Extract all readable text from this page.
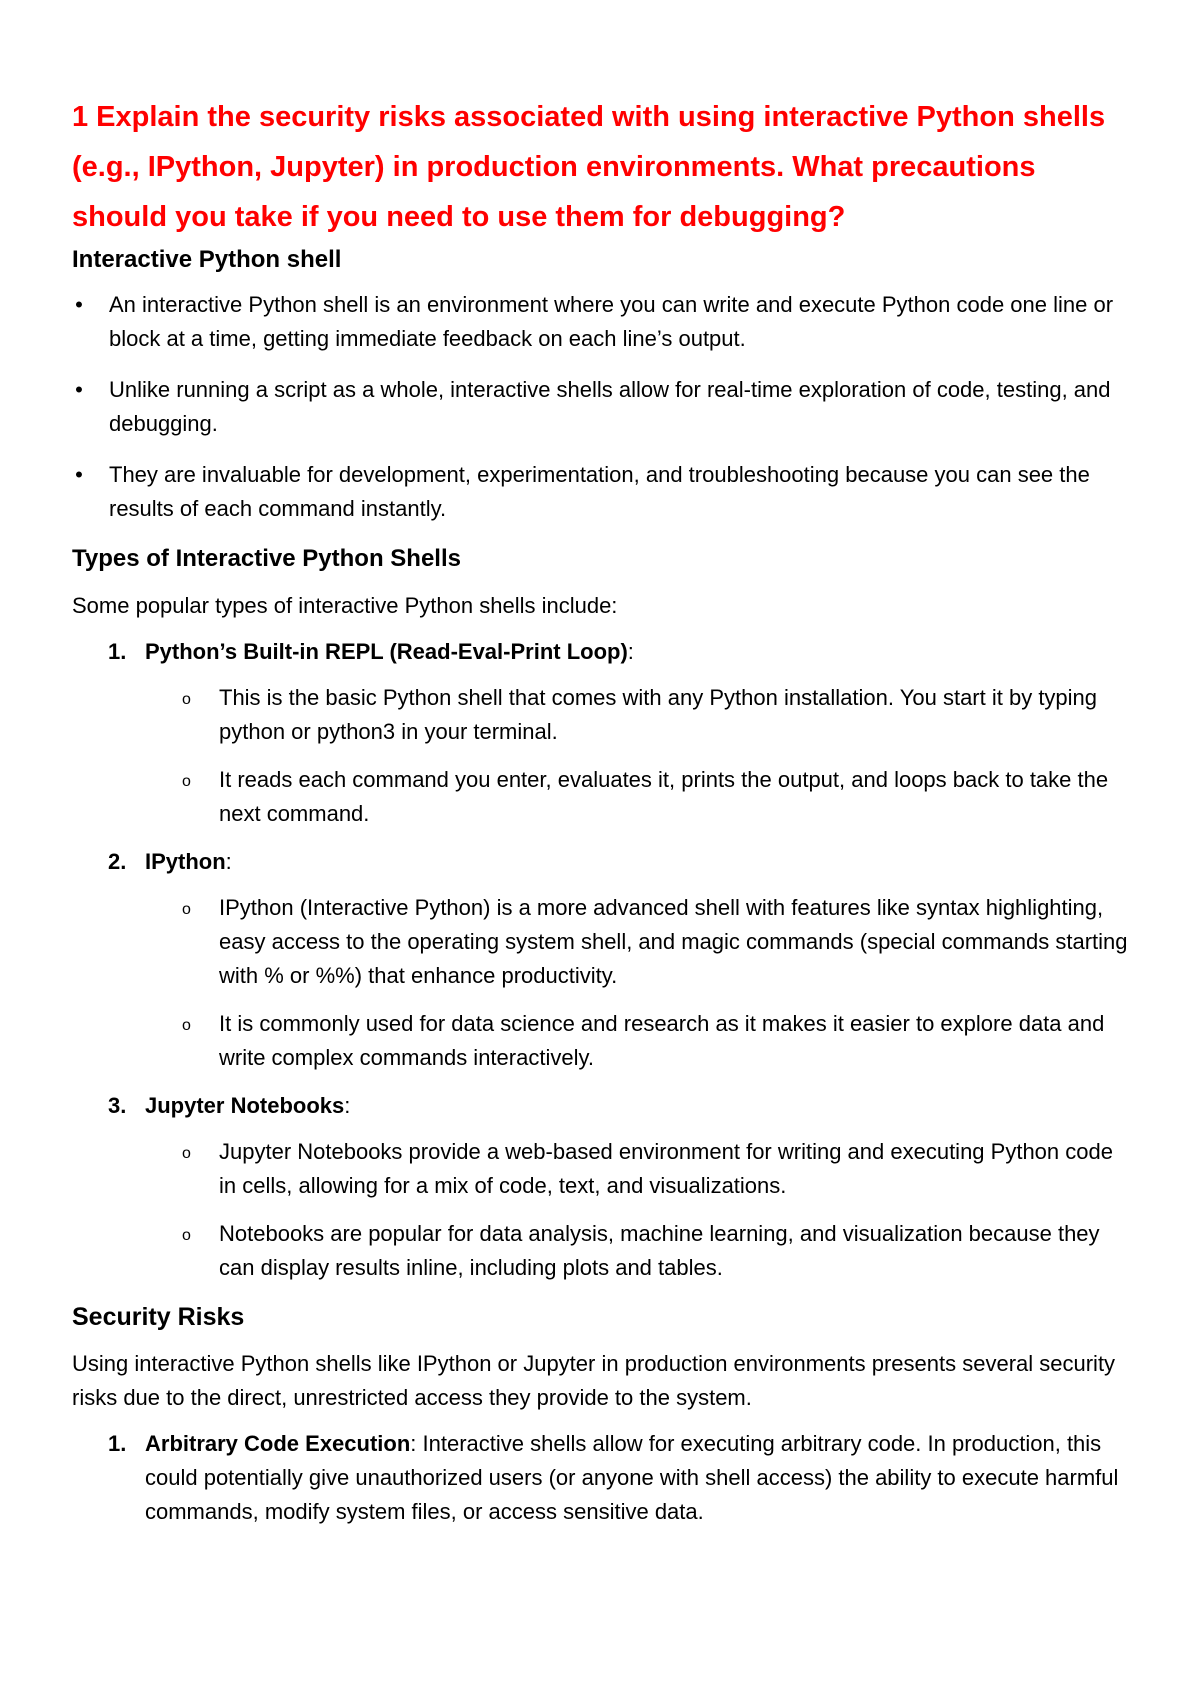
1 Explain the security risks associated with using interactive Python shells (e.g., IPython, Jupyter) in production environments. What precautions should you take if you need to use them for debugging?

Interactive Python shell
• An interactive Python shell is an environment where you can write and execute Python code one line or block at a time, getting immediate feedback on each line’s output.
• Unlike running a script as a whole, interactive shells allow for real-time exploration of code, testing, and debugging.
• They are invaluable for development, experimentation, and troubleshooting because you can see the results of each command instantly.
Types of Interactive Python Shells

Some popular types of interactive Python shells include:

1. Python’s Built-in REPL (Read-Eval-Print Loop):
o This is the basic Python shell that comes with any Python installation. You start it by typing python or python3 in your terminal.
o It reads each command you enter, evaluates it, prints the output, and loops back to take the next command.
2. IPython:
o IPython (Interactive Python) is a more advanced shell with features like syntax highlighting, easy access to the operating system shell, and magic commands (special commands starting with % or %%) that enhance productivity.
o It is commonly used for data science and research as it makes it easier to explore data and write complex commands interactively.
3. Jupyter Notebooks:
o Jupyter Notebooks provide a web-based environment for writing and executing Python code in cells, allowing for a mix of code, text, and visualizations.
o Notebooks are popular for data analysis, machine learning, and visualization because they can display results inline, including plots and tables.
Security Risks

Using interactive Python shells like IPython or Jupyter in production environments presents several security risks due to the direct, unrestricted access they provide to the system.

1. Arbitrary Code Execution: Interactive shells allow for executing arbitrary code. In production, this could potentially give unauthorized users (or anyone with shell access) the ability to execute harmful commands, modify system files, or access sensitive data.
